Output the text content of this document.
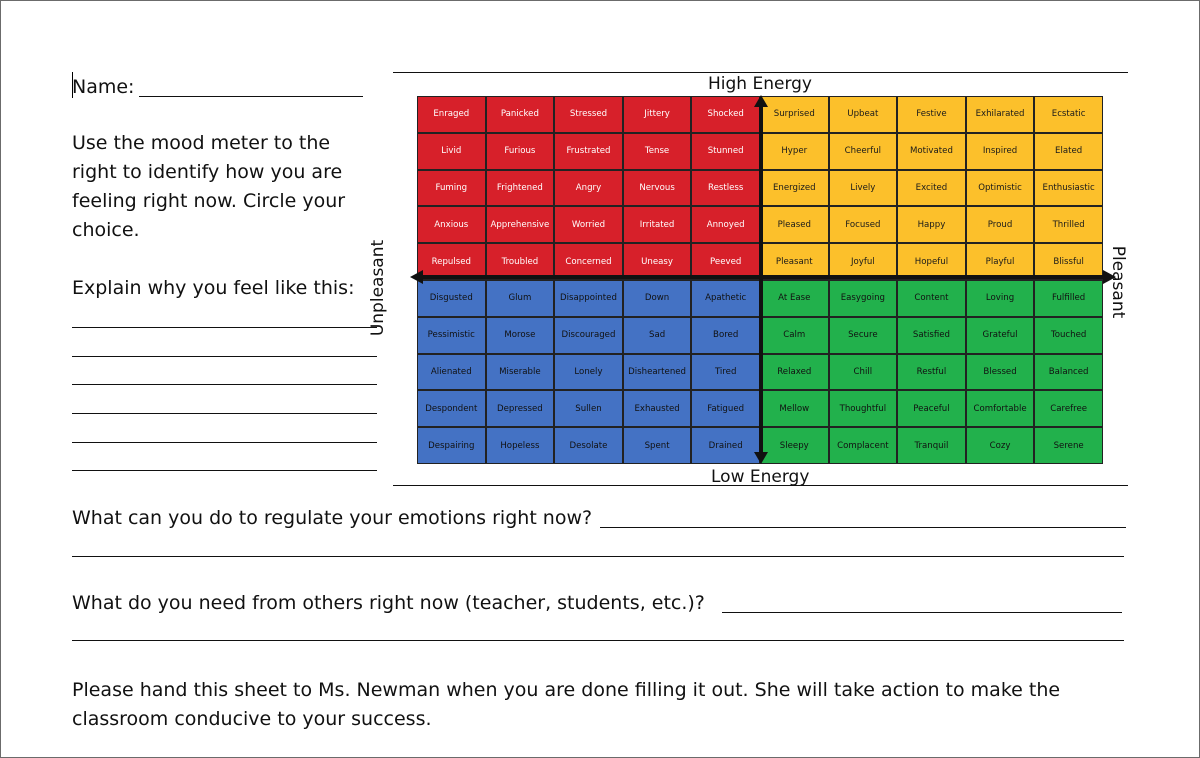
Name:
Use the mood meter to the right to identify how you are feeling right now. Circle your choice.
Explain why you feel like this:
High Energy
Low Energy
Unpleasant	Pleasant
Enraged	Panicked	Stressed	Jittery	Shocked	Surprised	Upbeat	Festive	Exhilarated	Ecstatic
Livid	Furious	Frustrated	Tense	Stunned	Hyper	Cheerful	Motivated	Inspired	Elated
Fuming	Frightened	Angry	Nervous	Restless	Energized	Lively	Excited	Optimistic	Enthusiastic
Anxious	Apprehensive	Worried	Irritated	Annoyed	Pleased	Focused	Happy	Proud	Thrilled
Repulsed	Troubled	Concerned	Uneasy	Peeved	Pleasant	Joyful	Hopeful	Playful	Blissful
Disgusted	Glum	Disappointed	Down	Apathetic	At Ease	Easygoing	Content	Loving	Fulfilled
Pessimistic	Morose	Discouraged	Sad	Bored	Calm	Secure	Satisfied	Grateful	Touched
Alienated	Miserable	Lonely	Disheartened	Tired	Relaxed	Chill	Restful	Blessed	Balanced
Despondent	Depressed	Sullen	Exhausted	Fatigued	Mellow	Thoughtful	Peaceful	Comfortable	Carefree
Despairing	Hopeless	Desolate	Spent	Drained	Sleepy	Complacent	Tranquil	Cozy	Serene
What can you do to regulate your emotions right now?
What do you need from others right now (teacher, students, etc.)?
Please hand this sheet to Ms. Newman when you are done filling it out. She will take action to make the classroom conducive to your success.
